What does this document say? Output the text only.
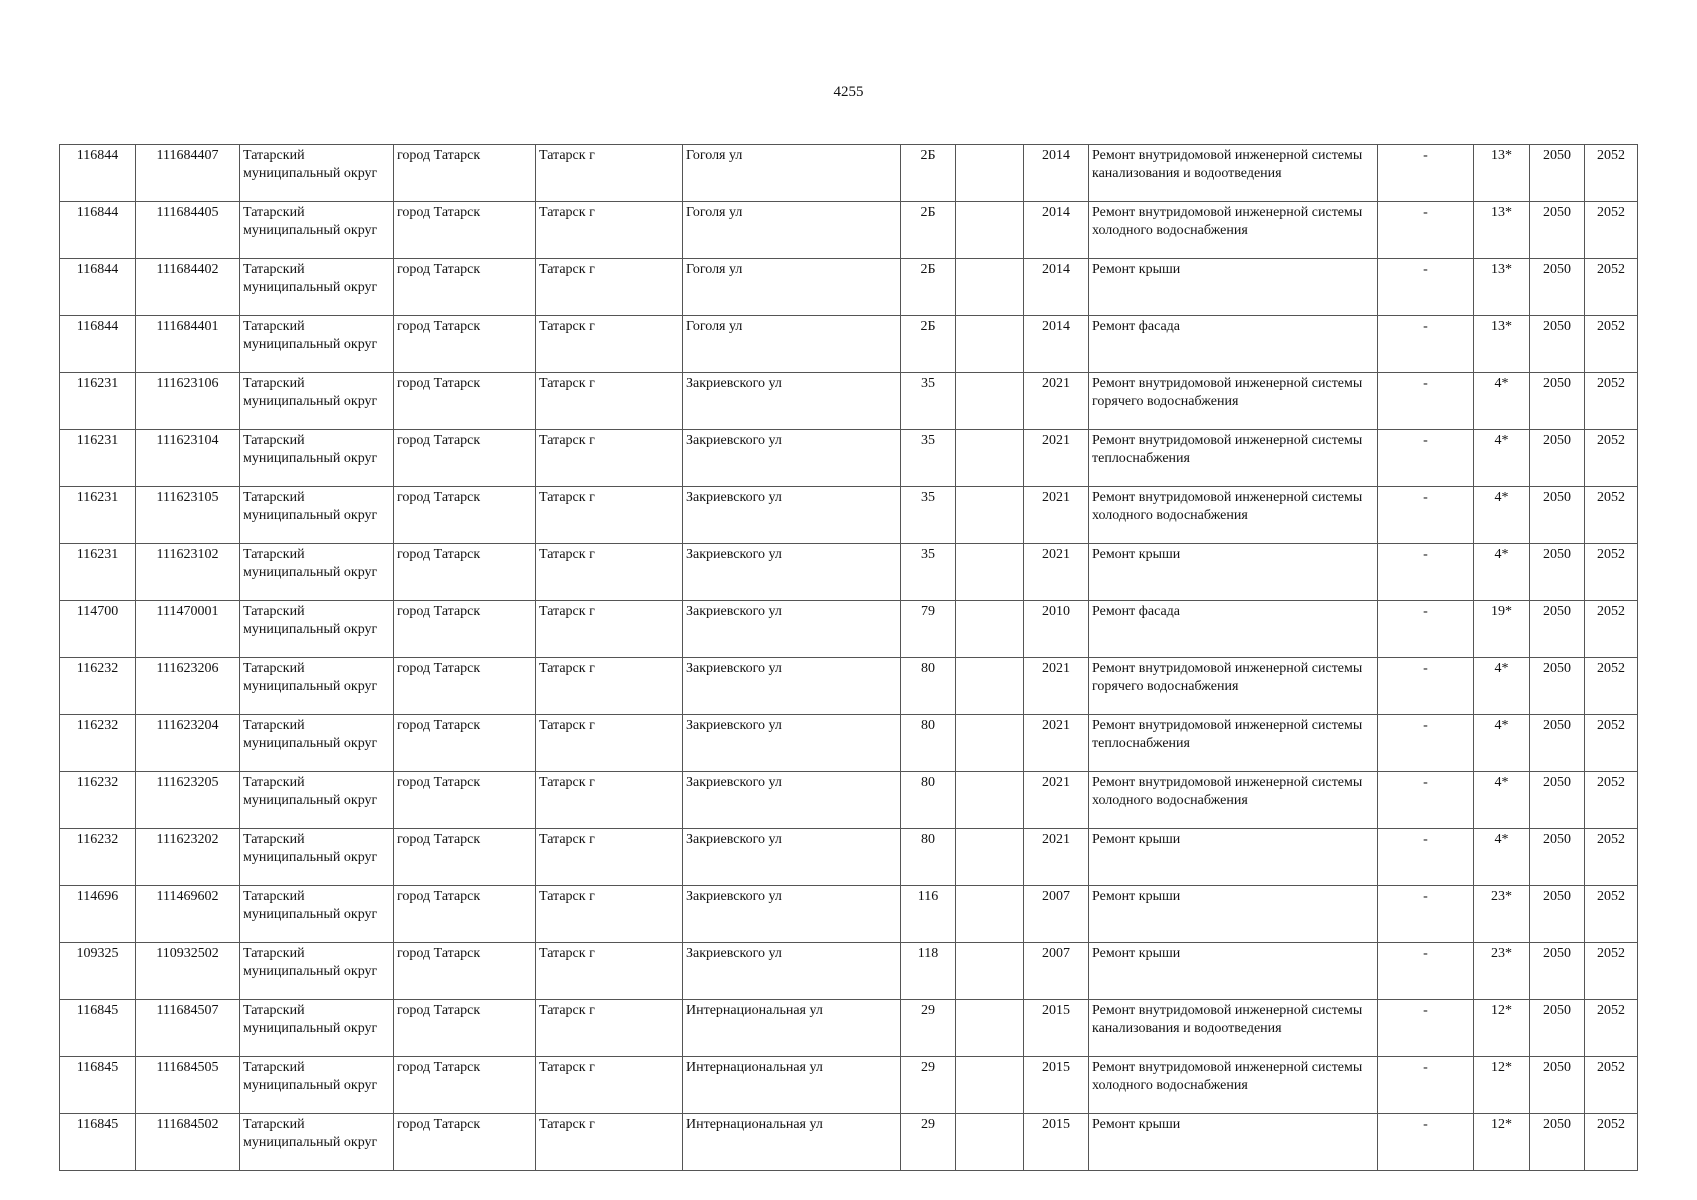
4255
116844	111684407	Татарский муниципальный округ	город Татарск	Татарск г	Гоголя ул	2Б		2014	Ремонт внутридомовой инженерной системы канализования и водоотведения	-	13*	2050	2052
116844	111684405	Татарский муниципальный округ	город Татарск	Татарск г	Гоголя ул	2Б		2014	Ремонт внутридомовой инженерной системы холодного водоснабжения	-	13*	2050	2052
116844	111684402	Татарский муниципальный округ	город Татарск	Татарск г	Гоголя ул	2Б		2014	Ремонт крыши	-	13*	2050	2052
116844	111684401	Татарский муниципальный округ	город Татарск	Татарск г	Гоголя ул	2Б		2014	Ремонт фасада	-	13*	2050	2052
116231	111623106	Татарский муниципальный округ	город Татарск	Татарск г	Закриевского ул	35		2021	Ремонт внутридомовой инженерной системы горячего водоснабжения	-	4*	2050	2052
116231	111623104	Татарский муниципальный округ	город Татарск	Татарск г	Закриевского ул	35		2021	Ремонт внутридомовой инженерной системы теплоснабжения	-	4*	2050	2052
116231	111623105	Татарский муниципальный округ	город Татарск	Татарск г	Закриевского ул	35		2021	Ремонт внутридомовой инженерной системы холодного водоснабжения	-	4*	2050	2052
116231	111623102	Татарский муниципальный округ	город Татарск	Татарск г	Закриевского ул	35		2021	Ремонт крыши	-	4*	2050	2052
114700	111470001	Татарский муниципальный округ	город Татарск	Татарск г	Закриевского ул	79		2010	Ремонт фасада	-	19*	2050	2052
116232	111623206	Татарский муниципальный округ	город Татарск	Татарск г	Закриевского ул	80		2021	Ремонт внутридомовой инженерной системы горячего водоснабжения	-	4*	2050	2052
116232	111623204	Татарский муниципальный округ	город Татарск	Татарск г	Закриевского ул	80		2021	Ремонт внутридомовой инженерной системы теплоснабжения	-	4*	2050	2052
116232	111623205	Татарский муниципальный округ	город Татарск	Татарск г	Закриевского ул	80		2021	Ремонт внутридомовой инженерной системы холодного водоснабжения	-	4*	2050	2052
116232	111623202	Татарский муниципальный округ	город Татарск	Татарск г	Закриевского ул	80		2021	Ремонт крыши	-	4*	2050	2052
114696	111469602	Татарский муниципальный округ	город Татарск	Татарск г	Закриевского ул	116		2007	Ремонт крыши	-	23*	2050	2052
109325	110932502	Татарский муниципальный округ	город Татарск	Татарск г	Закриевского ул	118		2007	Ремонт крыши	-	23*	2050	2052
116845	111684507	Татарский муниципальный округ	город Татарск	Татарск г	Интернациональная ул	29		2015	Ремонт внутридомовой инженерной системы канализования и водоотведения	-	12*	2050	2052
116845	111684505	Татарский муниципальный округ	город Татарск	Татарск г	Интернациональная ул	29		2015	Ремонт внутридомовой инженерной системы холодного водоснабжения	-	12*	2050	2052
116845	111684502	Татарский муниципальный округ	город Татарск	Татарск г	Интернациональная ул	29		2015	Ремонт крыши	-	12*	2050	2052
